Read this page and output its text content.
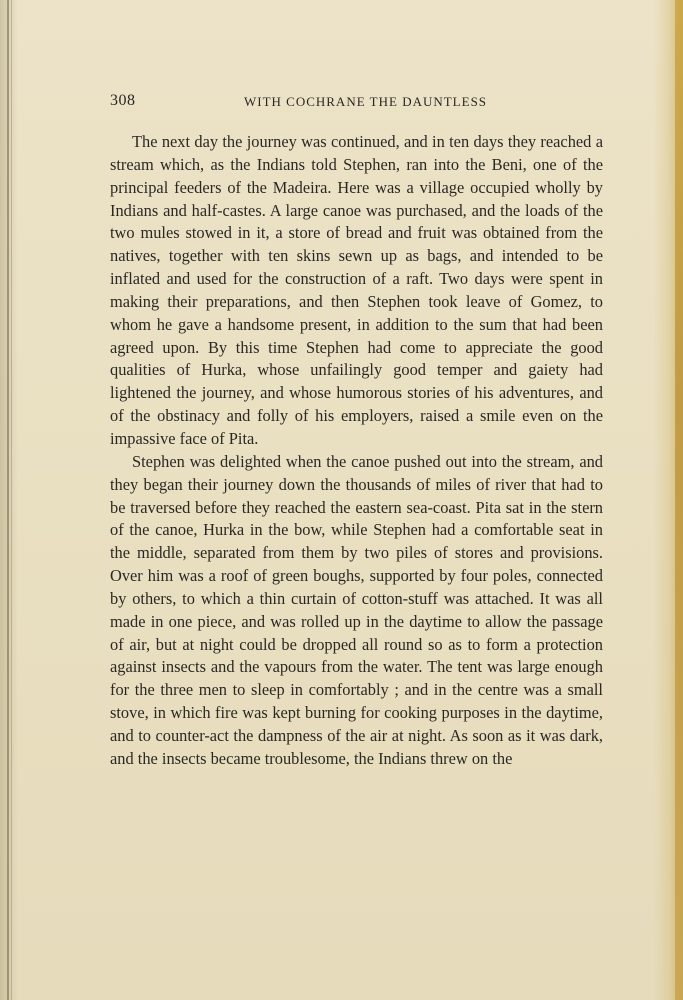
308	WITH COCHRANE THE DAUNTLESS

The next day the journey was continued, and in ten days they reached a stream which, as the Indians told Stephen, ran into the Beni, one of the principal feeders of the Madeira. Here was a village occupied wholly by Indians and half-castes. A large canoe was purchased, and the loads of the two mules stowed in it, a store of bread and fruit was obtained from the natives, together with ten skins sewn up as bags, and intended to be inflated and used for the construction of a raft. Two days were spent in making their preparations, and then Stephen took leave of Gomez, to whom he gave a handsome present, in addition to the sum that had been agreed upon. By this time Stephen had come to appreciate the good qualities of Hurka, whose unfailingly good temper and gaiety had lightened the journey, and whose humorous stories of his adventures, and of the obstinacy and folly of his employers, raised a smile even on the impassive face of Pita.

Stephen was delighted when the canoe pushed out into the stream, and they began their journey down the thousands of miles of river that had to be traversed before they reached the eastern sea-coast. Pita sat in the stern of the canoe, Hurka in the bow, while Stephen had a comfortable seat in the middle, separated from them by two piles of stores and provisions. Over him was a roof of green boughs, supported by four poles, connected by others, to which a thin curtain of cotton-stuff was attached. It was all made in one piece, and was rolled up in the daytime to allow the passage of air, but at night could be dropped all round so as to form a protection against insects and the vapours from the water. The tent was large enough for the three men to sleep in comfortably ; and in the centre was a small stove, in which fire was kept burning for cooking purposes in the daytime, and to counter-act the dampness of the air at night. As soon as it was dark, and the insects became troublesome, the Indians threw on the
